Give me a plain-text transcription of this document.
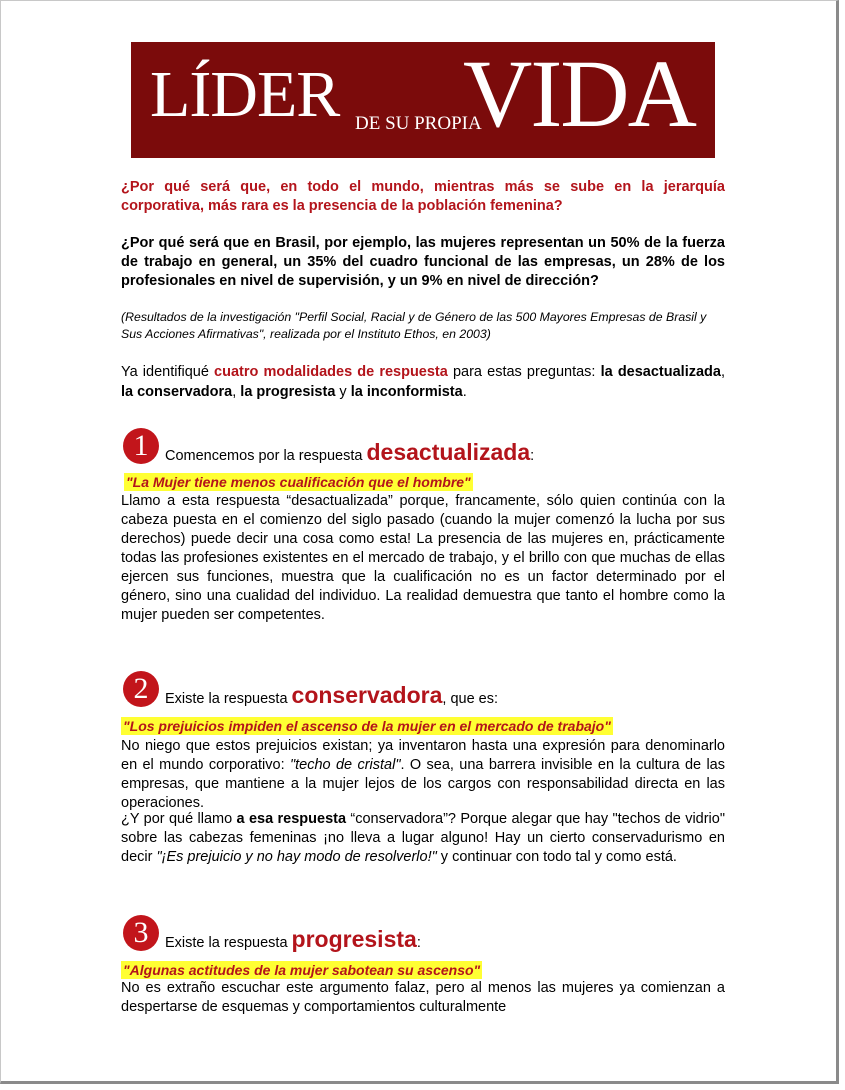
LÍDER DE SU PROPIA
VIDA
¿Por qué será que, en todo el mundo, mientras más se sube en la jerarquía corporativa, más rara es la presencia de la población femenina?
¿Por qué será que en Brasil, por ejemplo, las mujeres representan un 50% de la fuerza de trabajo en general, un 35% del cuadro funcional de las empresas, un 28% de los profesionales en nivel de supervisión, y un 9% en nivel de dirección?
(Resultados de la investigación "Perfil Social, Racial y de Género de las 500 Mayores Empresas de Brasil y Sus Acciones Afirmativas", realizada por el Instituto Ethos, en 2003)
Ya identifiqué cuatro modalidades de respuesta para estas preguntas: la desactualizada, la conservadora, la progresista y la inconformista.
1	Comencemos por la respuesta desactualizada:
"La Mujer tiene menos cualificación que el hombre"
Llamo a esta respuesta “desactualizada” porque, francamente, sólo quien continúa con la cabeza puesta en el comienzo del siglo pasado (cuando la mujer comenzó la lucha por sus derechos) puede decir una cosa como esta! La presencia de las mujeres en, prácticamente todas las profesiones existentes en el mercado de trabajo, y el brillo con que muchas de ellas ejercen sus funciones, muestra que la cualificación no es un factor determinado por el género, sino una cualidad del individuo. La realidad demuestra que tanto el hombre como la mujer pueden ser competentes.
2	Existe la respuesta conservadora, que es:
"Los prejuicios impiden el ascenso de la mujer en el mercado de trabajo"
No niego que estos prejuicios existan; ya inventaron hasta una expresión para denominarlo en el mundo corporativo: "techo de cristal". O sea, una barrera invisible en la cultura de las empresas, que mantiene a la mujer lejos de los cargos con responsabilidad directa en las operaciones.
¿Y por qué llamo a esa respuesta “conservadora”? Porque alegar que hay "techos de vidrio" sobre las cabezas femeninas ¡no lleva a lugar alguno! Hay un cierto conservadurismo en decir "¡Es prejuicio y no hay modo de resolverlo!" y continuar con todo tal y como está.
3	Existe la respuesta progresista:
"Algunas actitudes de la mujer sabotean su ascenso"
No es extraño escuchar este argumento falaz, pero al menos las mujeres ya comienzan a despertarse de esquemas y comportamientos culturalmente
